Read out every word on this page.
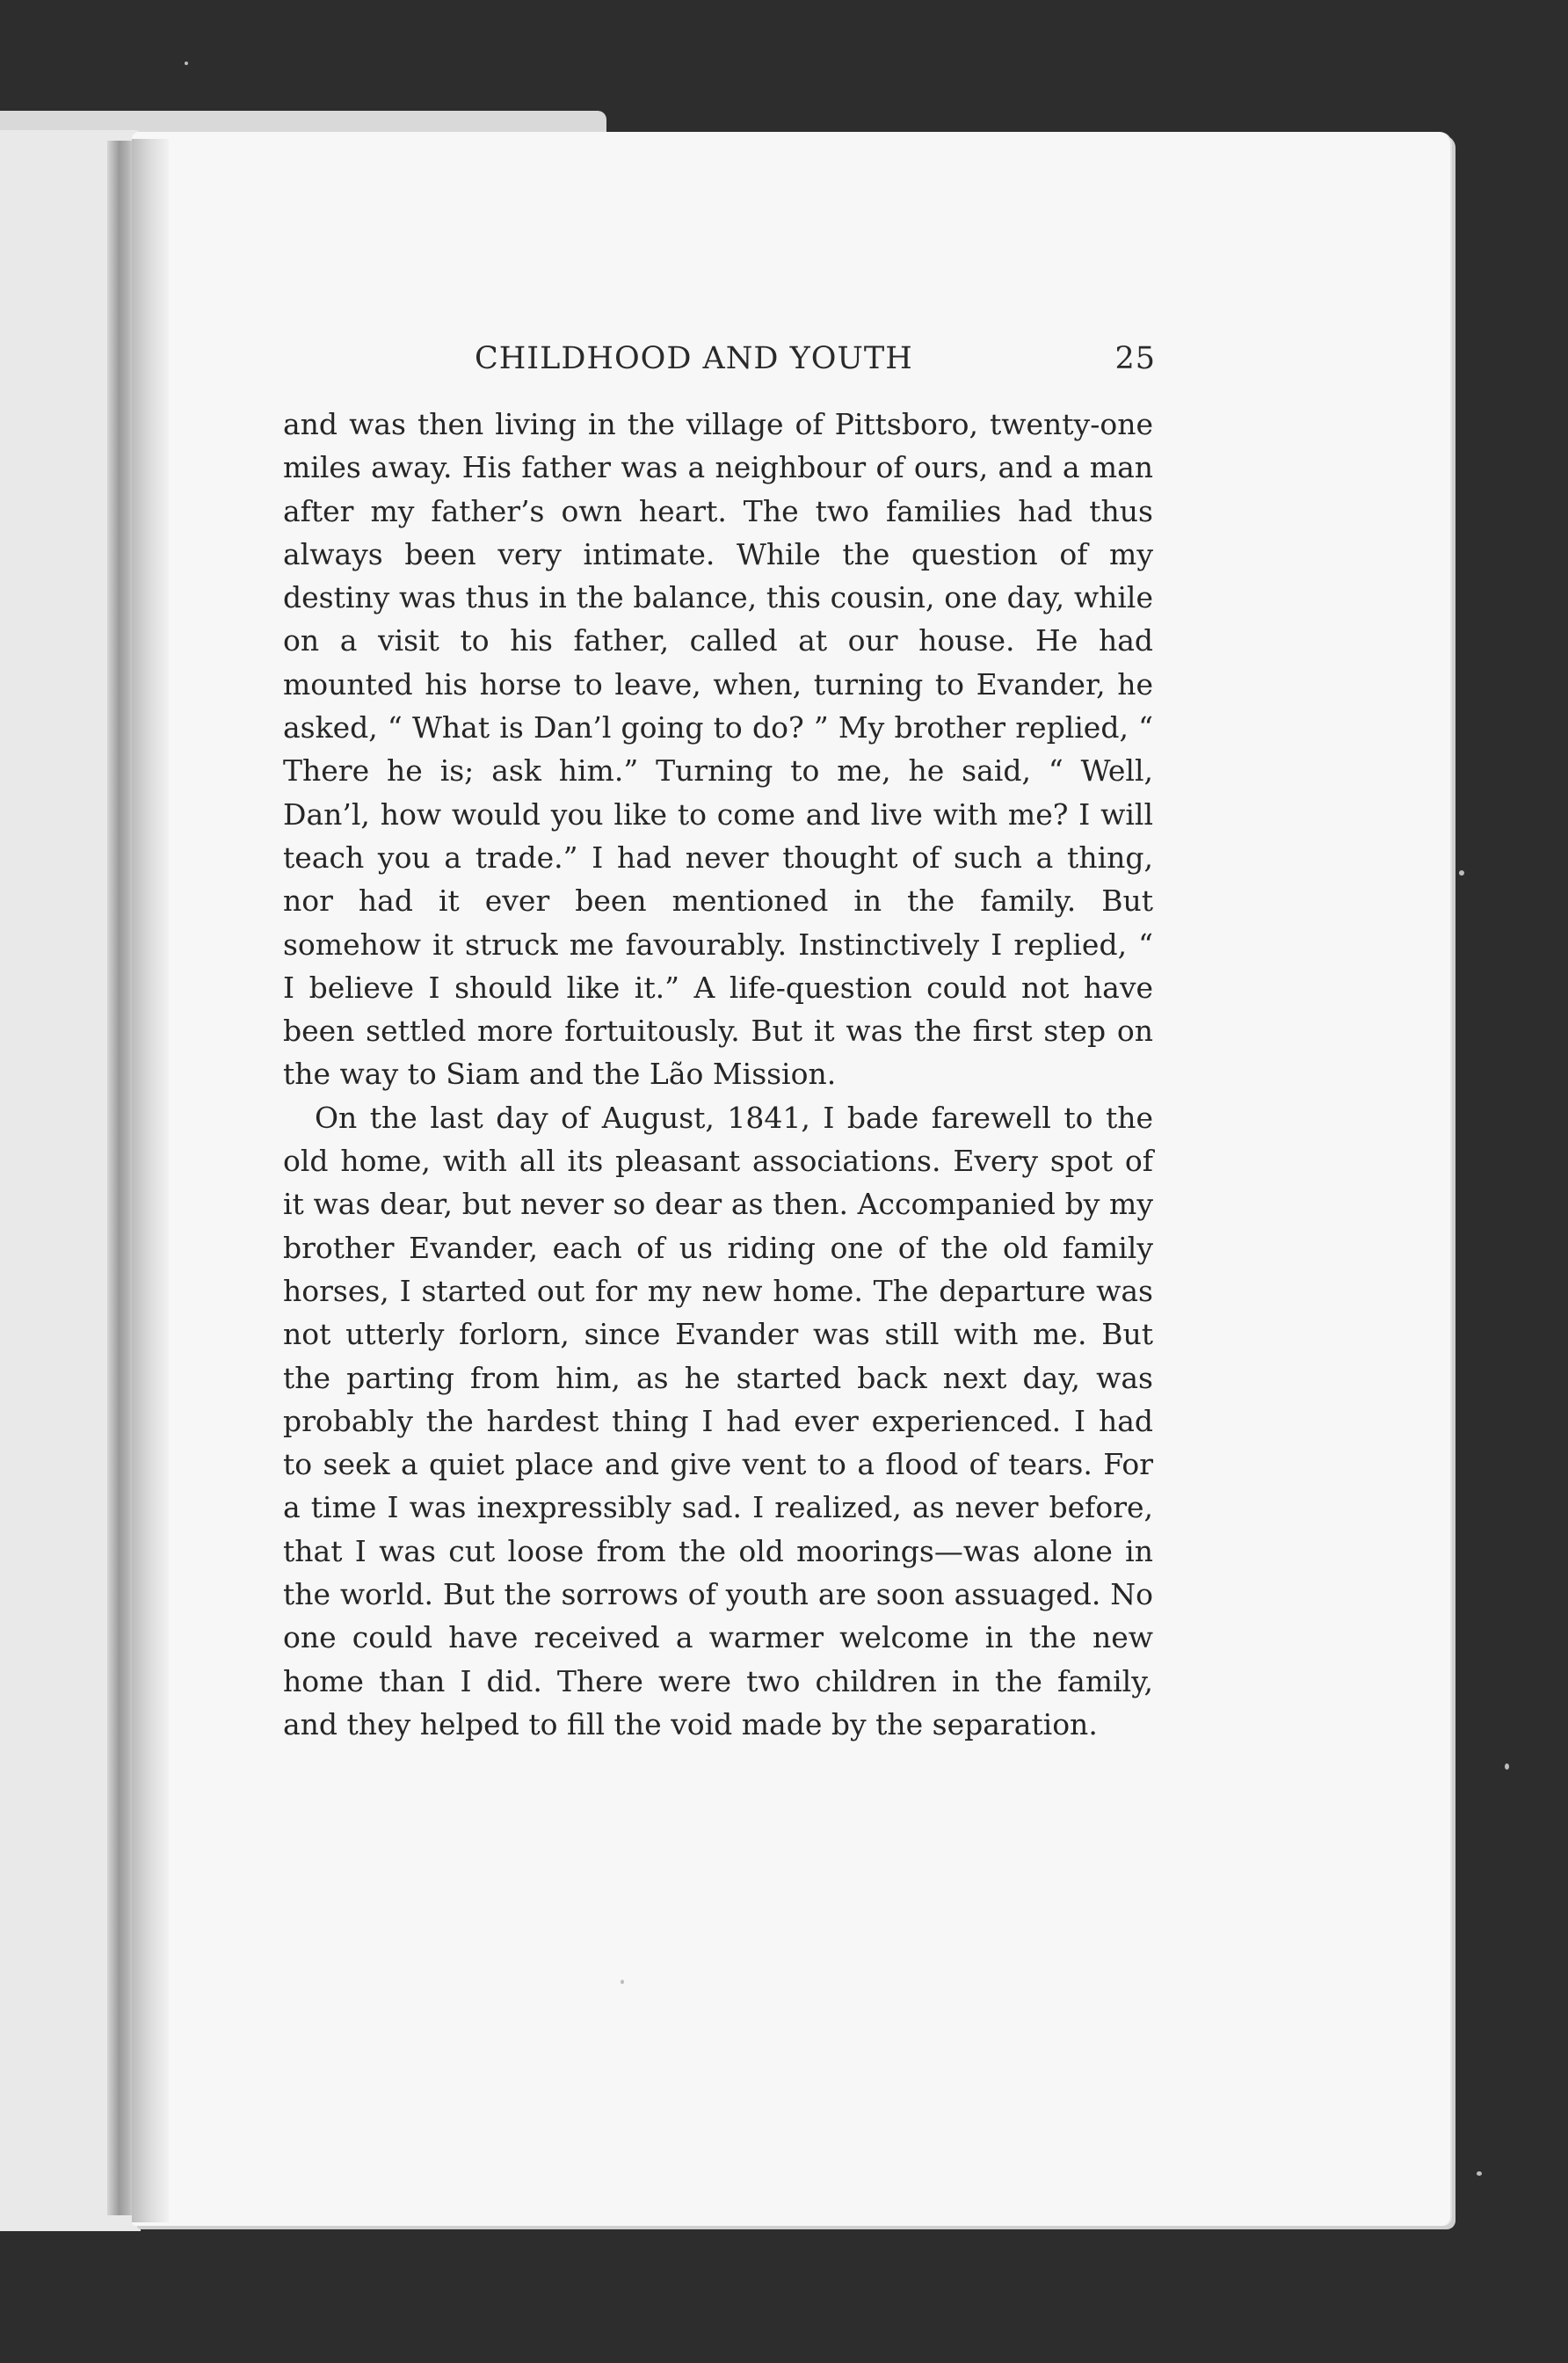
CHILDHOOD AND YOUTH	25

and was then living in the village of Pittsboro, twenty-one miles away. His father was a neighbour of ours, and a man after my father’s own heart. The two families had thus always been very intimate. While the question of my destiny was thus in the balance, this cousin, one day, while on a visit to his father, called at our house. He had mounted his horse to leave, when, turning to Evander, he asked, “ What is Dan’l going to do? ” My brother replied, “ There he is; ask him.” Turning to me, he said, “ Well, Dan’l, how would you like to come and live with me? I will teach you a trade.” I had never thought of such a thing, nor had it ever been mentioned in the family. But somehow it struck me favourably. Instinctively I replied, “ I believe I should like it.” A life-question could not have been settled more fortuitously. But it was the first step on the way to Siam and the Lão Mission.

On the last day of August, 1841, I bade farewell to the old home, with all its pleasant associations. Every spot of it was dear, but never so dear as then. Accompanied by my brother Evander, each of us riding one of the old family horses, I started out for my new home. The departure was not utterly forlorn, since Evander was still with me. But the parting from him, as he started back next day, was probably the hardest thing I had ever experienced. I had to seek a quiet place and give vent to a flood of tears. For a time I was inexpressibly sad. I realized, as never before, that I was cut loose from the old moorings—was alone in the world. But the sorrows of youth are soon assuaged. No one could have received a warmer welcome in the new home than I did. There were two children in the family, and they helped to fill the void made by the separation.
